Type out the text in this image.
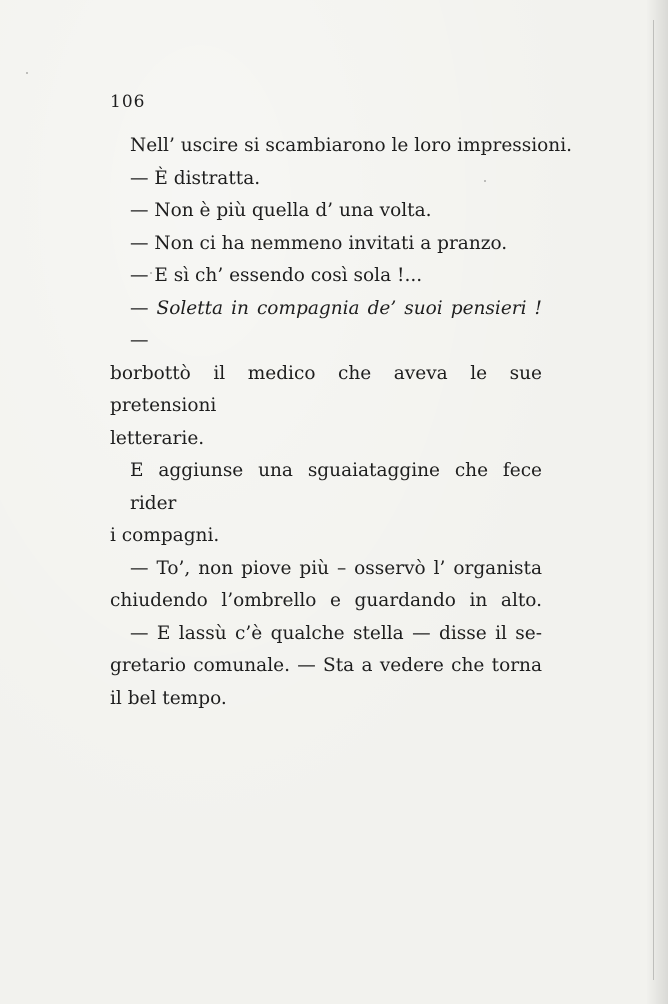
106
Nell’ uscire si scambiarono le loro impressioni.
— È distratta.
— Non è più quella d’ una volta.
— Non ci ha nemmeno invitati a pranzo.
— E sì ch’ essendo così sola !...
— Soletta in compagnia de’ suoi pensieri ! —
borbottò il medico che aveva le sue pretensioni
letterarie.
E aggiunse una sguaiataggine che fece rider
i compagni.
— To’, non piove più – osservò l’ organista
chiudendo l’ombrello e guardando in alto.
— E lassù c’è qualche stella — disse il se-
gretario comunale. — Sta a vedere che torna
il bel tempo.
